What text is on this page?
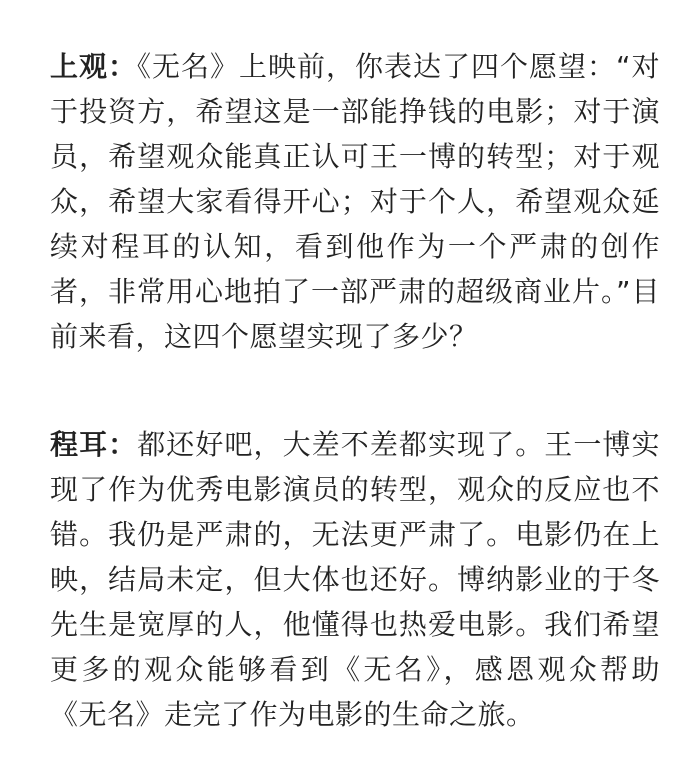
上观：《无名》上映前，你表达了四个愿望：“对于投资方，希望这是一部能挣钱的电影；对于演员，希望观众能真正认可王一博的转型；对于观众，希望大家看得开心；对于个人，希望观众延续对程耳的认知，看到他作为一个严肃的创作者，非常用心地拍了一部严肃的超级商业片。”目前来看，这四个愿望实现了多少？

程耳：都还好吧，大差不差都实现了。王一博实现了作为优秀电影演员的转型，观众的反应也不错。我仍是严肃的，无法更严肃了。电影仍在上映，结局未定，但大体也还好。博纳影业的于冬先生是宽厚的人，他懂得也热爱电影。我们希望更多的观众能够看到《无名》，感恩观众帮助《无名》走完了作为电影的生命之旅。
